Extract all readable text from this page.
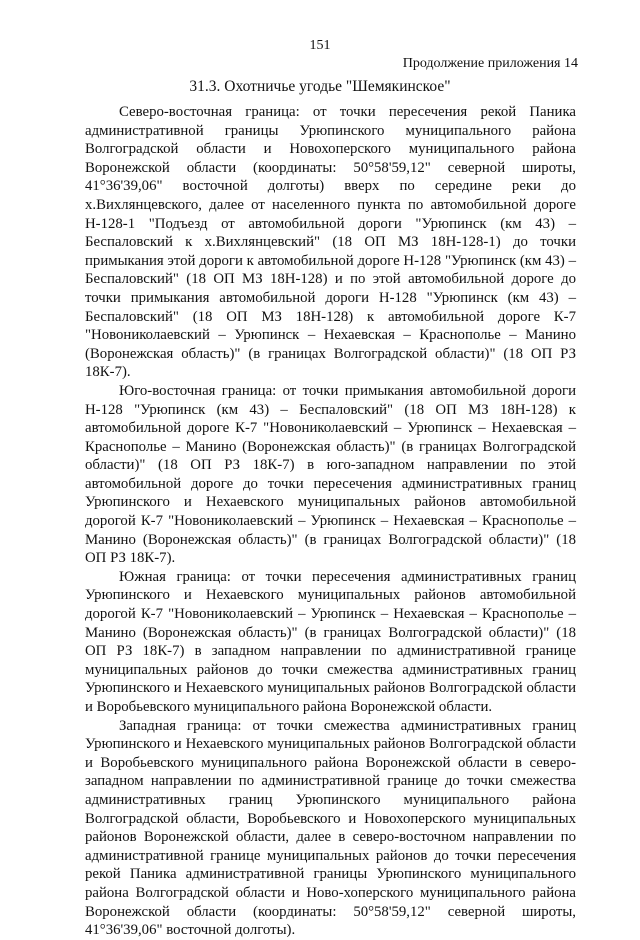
151
Продолжение приложения 14
31.3. Охотничье угодье "Шемякинское"

Северо-восточная граница: от точки пересечения рекой Паника административной границы Урюпинского муниципального района Волгоградской области и Новохоперского муниципального района Воронежской области (координаты: 50°58'59,12" северной широты, 41°36'39,06" восточной долготы) вверх по середине реки до х.Вихлянцевского, далее от населенного пункта по автомобильной дороге Н-128-1 "Подъезд от автомобильной дороги "Урюпинск (км 43) – Беспаловский к х.Вихлянцевский" (18 ОП МЗ 18Н-128-1) до точки примыкания этой дороги к автомобильной дороге Н-128 "Урюпинск (км 43) – Беспаловский" (18 ОП МЗ 18Н-128) и по этой автомобильной дороге до точки примыкания автомобильной дороги Н-128 "Урюпинск (км 43) – Беспаловский" (18 ОП МЗ 18Н-128) к автомобильной дороге К-7 "Новониколаевский – Урюпинск – Нехаевская – Краснополье – Манино (Воронежская область)" (в границах Волгоградской области)" (18 ОП РЗ 18К-7).

Юго-восточная граница: от точки примыкания автомобильной дороги Н-128 "Урюпинск (км 43) – Беспаловский" (18 ОП МЗ 18Н-128) к автомобильной дороге К-7 "Новониколаевский – Урюпинск – Нехаевская – Краснополье – Манино (Воронежская область)" (в границах Волгоградской области)" (18 ОП РЗ 18К-7) в юго-западном направлении по этой автомобильной дороге до точки пересечения административных границ Урюпинского и Нехаевского муниципальных районов автомобильной дорогой К-7 "Новониколаевский – Урюпинск – Нехаевская – Краснополье – Манино (Воронежская область)" (в границах Волгоградской области)" (18 ОП РЗ 18К-7).

Южная граница: от точки пересечения административных границ Урюпинского и Нехаевского муниципальных районов автомобильной дорогой К-7 "Новониколаевский – Урюпинск – Нехаевская – Краснополье – Манино (Воронежская область)" (в границах Волгоградской области)" (18 ОП РЗ 18К-7) в западном направлении по административной границе муниципальных районов до точки смежества административных границ Урюпинского и Нехаевского муниципальных районов Волгоградской области и Воробьевского муниципального района Воронежской области.

Западная граница: от точки смежества административных границ Урюпинского и Нехаевского муниципальных районов Волгоградской области и Воробьевского муниципального района Воронежской области в северо-западном направлении по административной границе до точки смежества административных границ Урюпинского муниципального района Волгоградской области, Воробьевского и Новохоперского муниципальных районов Воронежской области, далее в северо-восточном направлении по административной границе муниципальных районов до точки пересечения рекой Паника административной границы Урюпинского муниципального района Волгоградской области и Ново-хоперского муниципального района Воронежской области (координаты: 50°58'59,12" северной широты, 41°36'39,06" восточной долготы).
